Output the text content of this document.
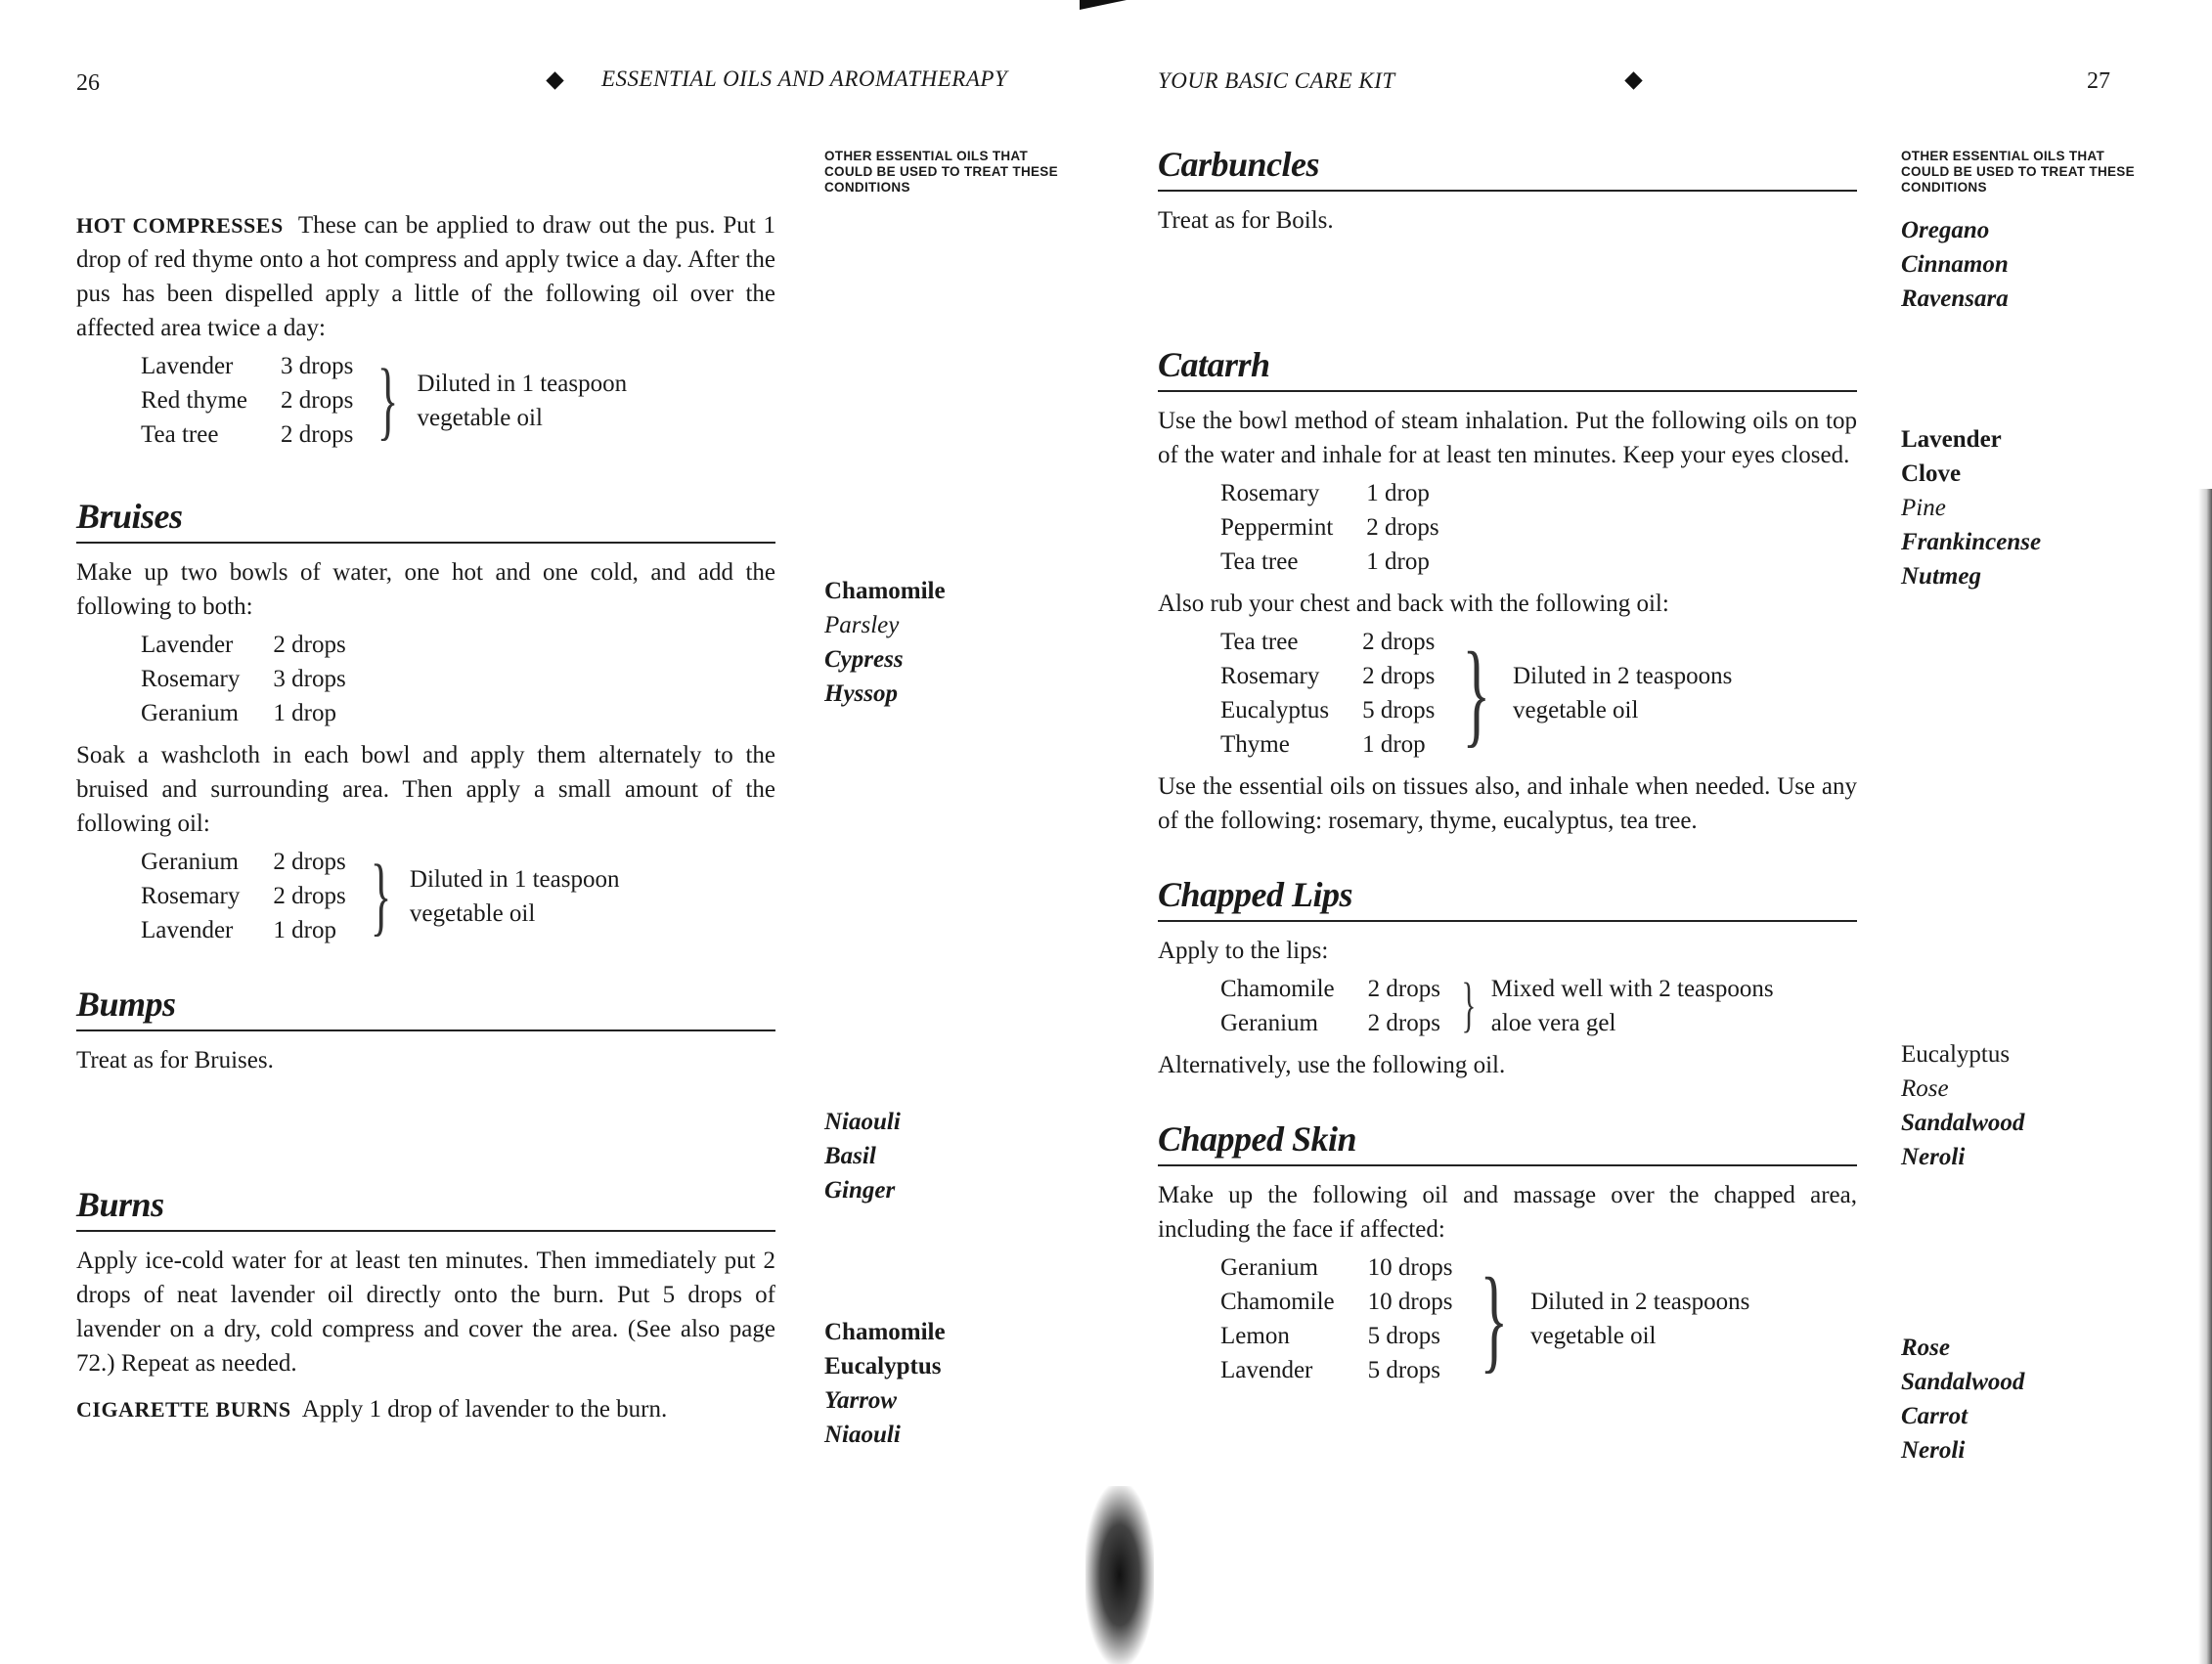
26	ESSENTIAL OILS AND AROMATHERAPY
OTHER ESSENTIAL OILS THAT COULD BE USED TO TREAT THESE CONDITIONS

HOT COMPRESSES These can be applied to draw out the pus. Put 1 drop of red thyme onto a hot compress and apply twice a day. After the pus has been dispelled apply a little of the following oil over the affected area twice a day:

Lavender	3 drops
Red thyme 2 drops
Tea tree	2 drops } Diluted in 1 teaspoon
vegetable oil
Bruises

Make up two bowls of water, one hot and one cold, and add the following to both:

Lavender 2 drops
Rosemary 3 drops
Geranium 1 drop

Soak a washcloth in each bowl and apply them alternately to the bruised and surrounding area. Then apply a small amount of the following oil:

Geranium 2 drops
Rosemary 2 drops
Lavender 1 drop } Diluted in 1 teaspoon
vegetable oil
Bumps

Treat as for Bruises.

Burns

Apply ice-cold water for at least ten minutes. Then immediately put 2 drops of neat lavender oil directly onto the burn. Put 5 drops of lavender on a dry, cold compress and cover the area. (See also page 72.) Repeat as needed.

CIGARETTE BURNS Apply 1 drop of lavender to the burn.

Chamomile
Parsley
Cypress
Hyssop
Niaouli
Basil
Ginger
Chamomile
Eucalyptus
Yarrow
Niaouli
YOUR BASIC CARE KIT	27
OTHER ESSENTIAL OILS THAT COULD BE USED TO TREAT THESE CONDITIONS
Carbuncles

Treat as for Boils.

Catarrh

Use the bowl method of steam inhalation. Put the following oils on top of the water and inhale for at least ten minutes. Keep your eyes closed.

Rosemary	1 drop
Peppermint 2 drops
Tea tree	1 drop

Also rub your chest and back with the following oil:

Tea tree	2 drops
Rosemary	2 drops
Eucalyptus 5 drops
Thyme	1 drop } Diluted in 2 teaspoons
vegetable oil

Use the essential oils on tissues also, and inhale when needed. Use any of the following: rosemary, thyme, eucalyptus, tea tree.

Chapped Lips

Apply to the lips:

Chamomile 2 drops
Geranium	2 drops } Mixed well with 2 teaspoons
aloe vera gel

Alternatively, use the following oil.

Chapped Skin

Make up the following oil and massage over the chapped area, including the face if affected:

Geranium	10 drops
Chamomile 10 drops
Lemon	5 drops
Lavender	5 drops } Diluted in 2 teaspoons
vegetable oil
Oregano
Cinnamon
Ravensara
Lavender
Clove
Pine
Frankincense
Nutmeg
Eucalyptus
Rose
Sandalwood
Neroli
Rose
Sandalwood
Carrot
Neroli
